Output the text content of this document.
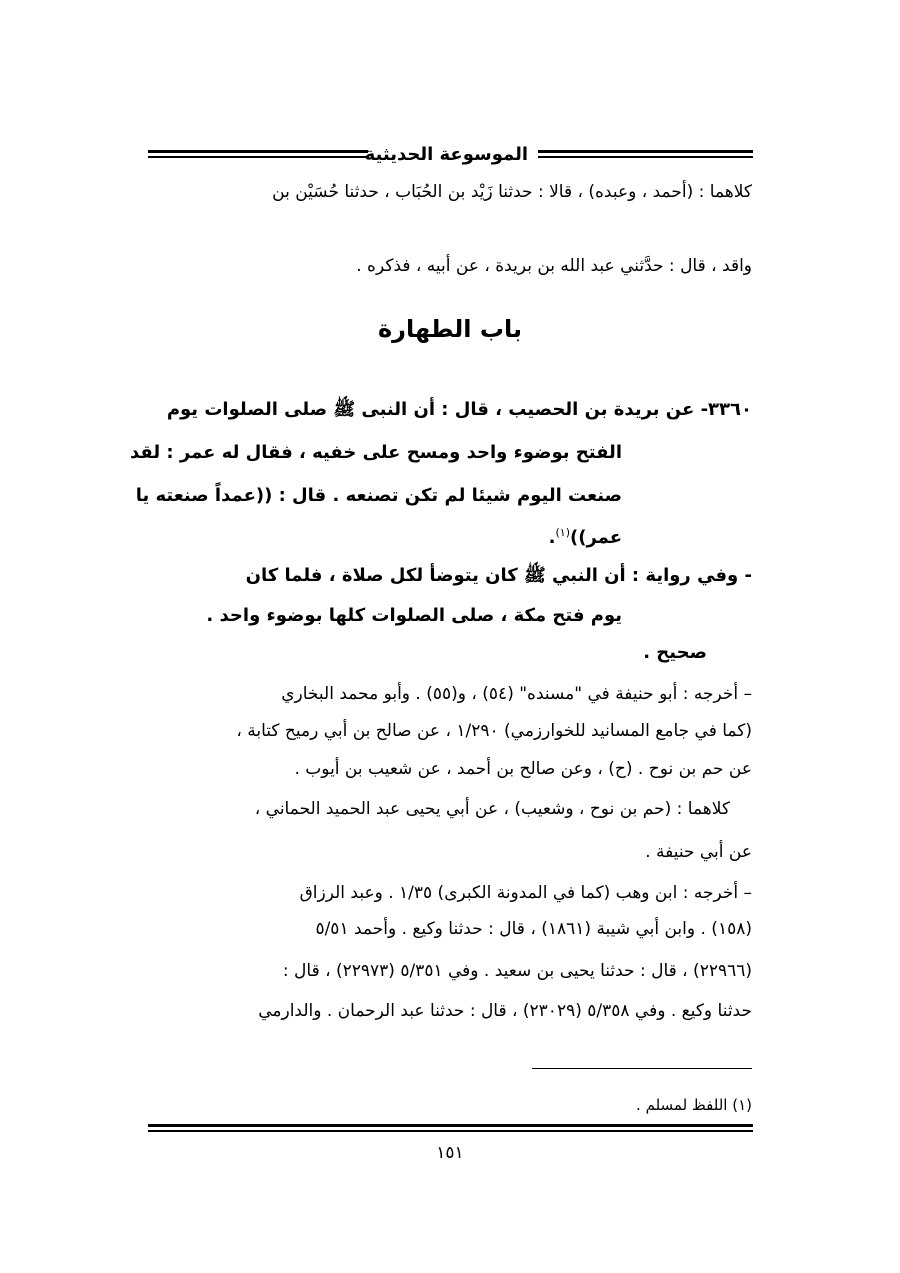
الموسوعة الحديثية
كلاهما : (أحمد ، وعبده) ، قالا : حدثنا زَيْد بن الحُبَاب ، حدثنا حُسَيْن بن
واقد ، قال : حدَّثني عبد الله بن بريدة ، عن أبيه ، فذكره .
باب الطهارة
٣٣٦٠- عن بريدة بن الحصيب ، قال : أن النبى ﷺ صلى الصلوات يوم
الفتح بوضوء واحد ومسح على خفيه ، فقال له عمر : لقد
صنعت اليوم شيئا لم تكن تصنعه . قال : ((عمداً صنعته يا
عمر))$^{(١)}$.
- وفي رواية : أن النبي ﷺ كان يتوضأ لكل صلاة ، فلما كان
يوم فتح مكة ، صلى الصلوات كلها بوضوء واحد .
صحيح .
– أخرجه : أبو حنيفة في "مسنده" (٥٤) ، و(٥٥) . وأبو محمد البخاري
(كما في جامع المسانيد للخوارزمي) ١/٢٩٠ ، عن صالح بن أبي رميح كتابة ،
عن حم بن نوح . (ح) ، وعن صالح بن أحمد ، عن شعيب بن أيوب .
كلاهما : (حم بن نوح ، وشعيب) ، عن أبي يحيى عبد الحميد الحماني ،
عن أبي حنيفة .
– أخرجه : ابن وهب (كما في المدونة الكبرى) ١/٣٥ . وعبد الرزاق
(١٥٨) . وابن أبي شيبة (١٨٦١) ، قال : حدثنا وكيع . وأحمد ٥/٥١
(٢٢٩٦٦) ، قال : حدثنا يحيى بن سعيد . وفي ٥/٣٥١ (٢٢٩٧٣) ، قال :
حدثنا وكيع . وفي ٥/٣٥٨ (٢٣٠٢٩) ، قال : حدثنا عبد الرحمان . والدارمي
(١) اللفظ لمسلم .
١٥١
